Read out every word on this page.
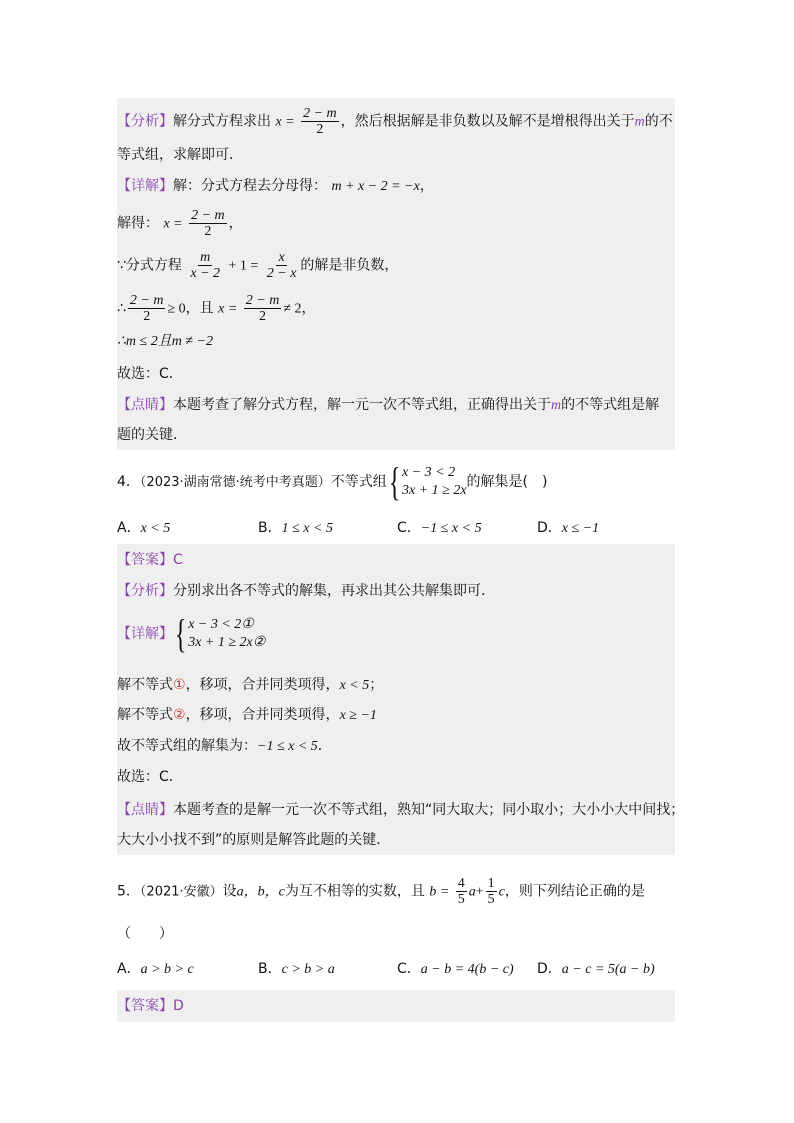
【分析】解分式方程求出 $x = \frac{2 - m}{2}$ ，然后根据解是非负数以及解不是增根得出关于m的不
等式组，求解即可．
【详解】解：分式方程去分母得： m + x − 2 = −x，
解得： $x = \frac{2 - m}{2}$ ，
∵分式方程 $\frac{m}{x - 2} + 1 = \frac{x}{2 - x}$ 的解是非负数，
∴ $\frac{2 - m}{2} \ge 0$，且 $x = \frac{2 - m}{2} \ne 2$，
∴m ≤ 2且m ≠ −2
故选：C．
【点睛】本题考查了解分式方程，解一元一次不等式组，正确得出关于m的不等式组是解
题的关键．
4．（2023·湖南常德·统考中考真题）不等式组{ x − 3 < 2
3x + 1 ≥ 2x
的解集是(　)
A．x < 5	B．1 ≤ x < 5	C．−1 ≤ x < 5	D．x ≤ −1
【答案】C
【分析】分别求出各不等式的解集，再求出其公共解集即可．
【详解】{ x − 3 < 2①
3x + 1 ≥ 2x②
解不等式①，移项，合并同类项得，x < 5；
解不等式②，移项，合并同类项得，x ≥ −1
故不等式组的解集为：−1 ≤ x < 5．
故选：C．
【点睛】本题考查的是解一元一次不等式组，熟知“同大取大；同小取小；大小小大中间找；
大大小小找不到”的原则是解答此题的关键．
5．（2021·安徽）设a，b，c为互不相等的实数，且 $b = \frac{4}{5} a+ \frac{1}{5}$ c，则下列结论正确的是
（　　）
A．a > b > c	B．c > b > a	C．a − b = 4(b − c) D．a − c = 5(a − b)
【答案】D
